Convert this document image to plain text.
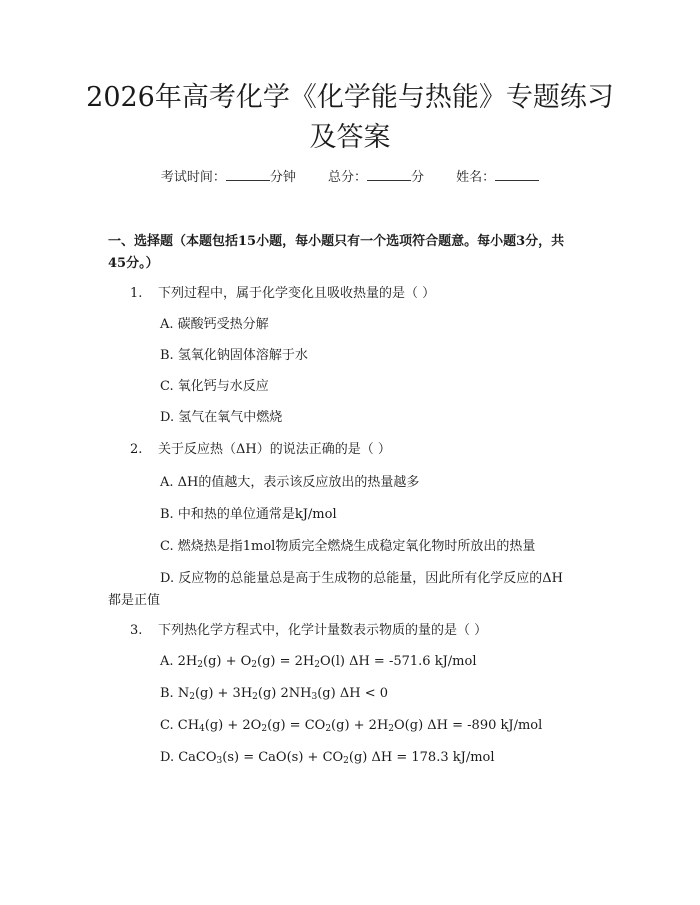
2026年高考化学《化学能与热能》专题练习
及答案
考试时间：	分钟 总分：	分 姓名：
一、选择题（本题包括15小题，每小题只有一个选项符合题意。每小题3分，共
45分。）
1. 下列过程中，属于化学变化且吸收热量的是（ ）
A. 碳酸钙受热分解
B. 氢氧化钠固体溶解于水
C. 氧化钙与水反应
D. 氢气在氧气中燃烧
2. 关于反应热（ΔH）的说法正确的是（ ）
A. ΔH的值越大，表示该反应放出的热量越多
B. 中和热的单位通常是kJ/mol
C. 燃烧热是指1mol物质完全燃烧生成稳定氧化物时所放出的热量
D. 反应物的总能量总是高于生成物的总能量，因此所有化学反应的ΔH
都是正值
3. 下列热化学方程式中，化学计量数表示物质的量的是（ ）
A. $2H_2(g) + O_2(g) = 2H_2O(l) \Delta H = -571.6$ kJ/mol
B. $N_2(g) + 3H_2(g)$ $2NH_3(g) \Delta H < 0$
C. $CH_4(g) + 2O_2(g) = CO_2(g) + 2H_2O(g) \Delta H = -890$ kJ/mol
D. CaCO$_3$(s) = $CaO(s) + CO_2(g) \Delta H = 178.3$ kJ/mol
